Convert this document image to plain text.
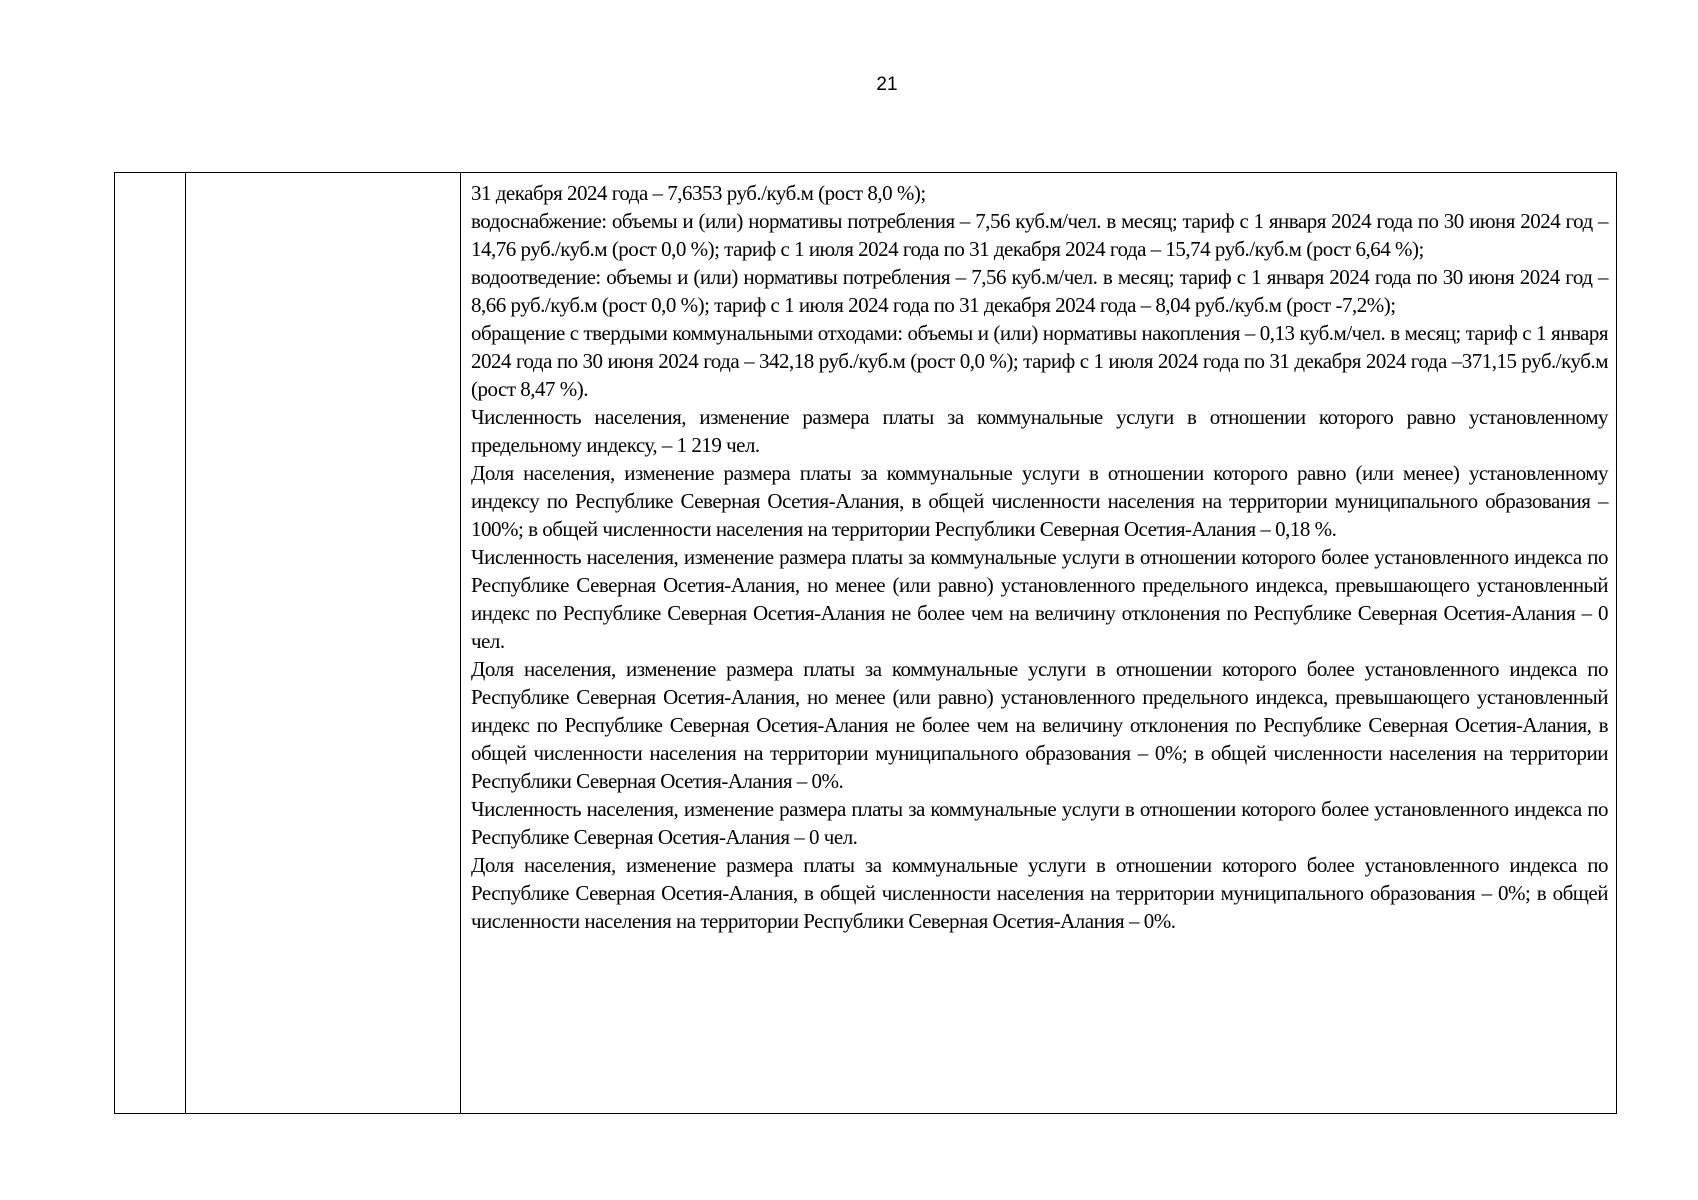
21

31 декабря 2024 года – 7,6353 руб./куб.м (рост 8,0 %);

водоснабжение: объемы и (или) нормативы потребления – 7,56 куб.м/чел. в месяц; тариф с 1 января 2024 года по 30 июня 2024 год – 14,76 руб./куб.м (рост 0,0 %); тариф с 1 июля 2024 года по 31 декабря 2024 года – 15,74 руб./куб.м (рост 6,64 %);

водоотведение: объемы и (или) нормативы потребления – 7,56 куб.м/чел. в месяц; тариф с 1 января 2024 года по 30 июня 2024 год – 8,66 руб./куб.м (рост 0,0 %); тариф с 1 июля 2024 года по 31 декабря 2024 года – 8,04 руб./куб.м (рост -7,2%);

обращение с твердыми коммунальными отходами: объемы и (или) нормативы накопления – 0,13 куб.м/чел. в месяц; тариф с 1 января 2024 года по 30 июня 2024 года – 342,18 руб./куб.м (рост 0,0 %); тариф с 1 июля 2024 года по 31 декабря 2024 года –371,15 руб./куб.м (рост 8,47 %).

Численность населения, изменение размера платы за коммунальные услуги в отношении которого равно установленному предельному индексу, – 1 219 чел.

Доля населения, изменение размера платы за коммунальные услуги в отношении которого равно (или менее) установленному индексу по Республике Северная Осетия-Алания, в общей численности населения на территории муниципального образования – 100%; в общей численности населения на территории Республики Северная Осетия-Алания – 0,18 %.

Численность населения, изменение размера платы за коммунальные услуги в отношении которого более установленного индекса по Республике Северная Осетия-Алания, но менее (или равно) установленного предельного индекса, превышающего установленный индекс по Республике Северная Осетия-Алания не более чем на величину отклонения по Республике Северная Осетия-Алания – 0 чел.

Доля населения, изменение размера платы за коммунальные услуги в отношении которого более установленного индекса по Республике Северная Осетия-Алания, но менее (или равно) установленного предельного индекса, превышающего установленный индекс по Республике Северная Осетия-Алания не более чем на величину отклонения по Республике Северная Осетия-Алания, в общей численности населения на территории муниципального образования – 0%; в общей численности населения на территории Республики Северная Осетия-Алания – 0%.

Численность населения, изменение размера платы за коммунальные услуги в отношении которого более установленного индекса по Республике Северная Осетия-Алания – 0 чел.

Доля населения, изменение размера платы за коммунальные услуги в отношении которого более установленного индекса по Республике Северная Осетия-Алания, в общей численности населения на территории муниципального образования – 0%; в общей численности населения на территории Республики Северная Осетия-Алания – 0%.
